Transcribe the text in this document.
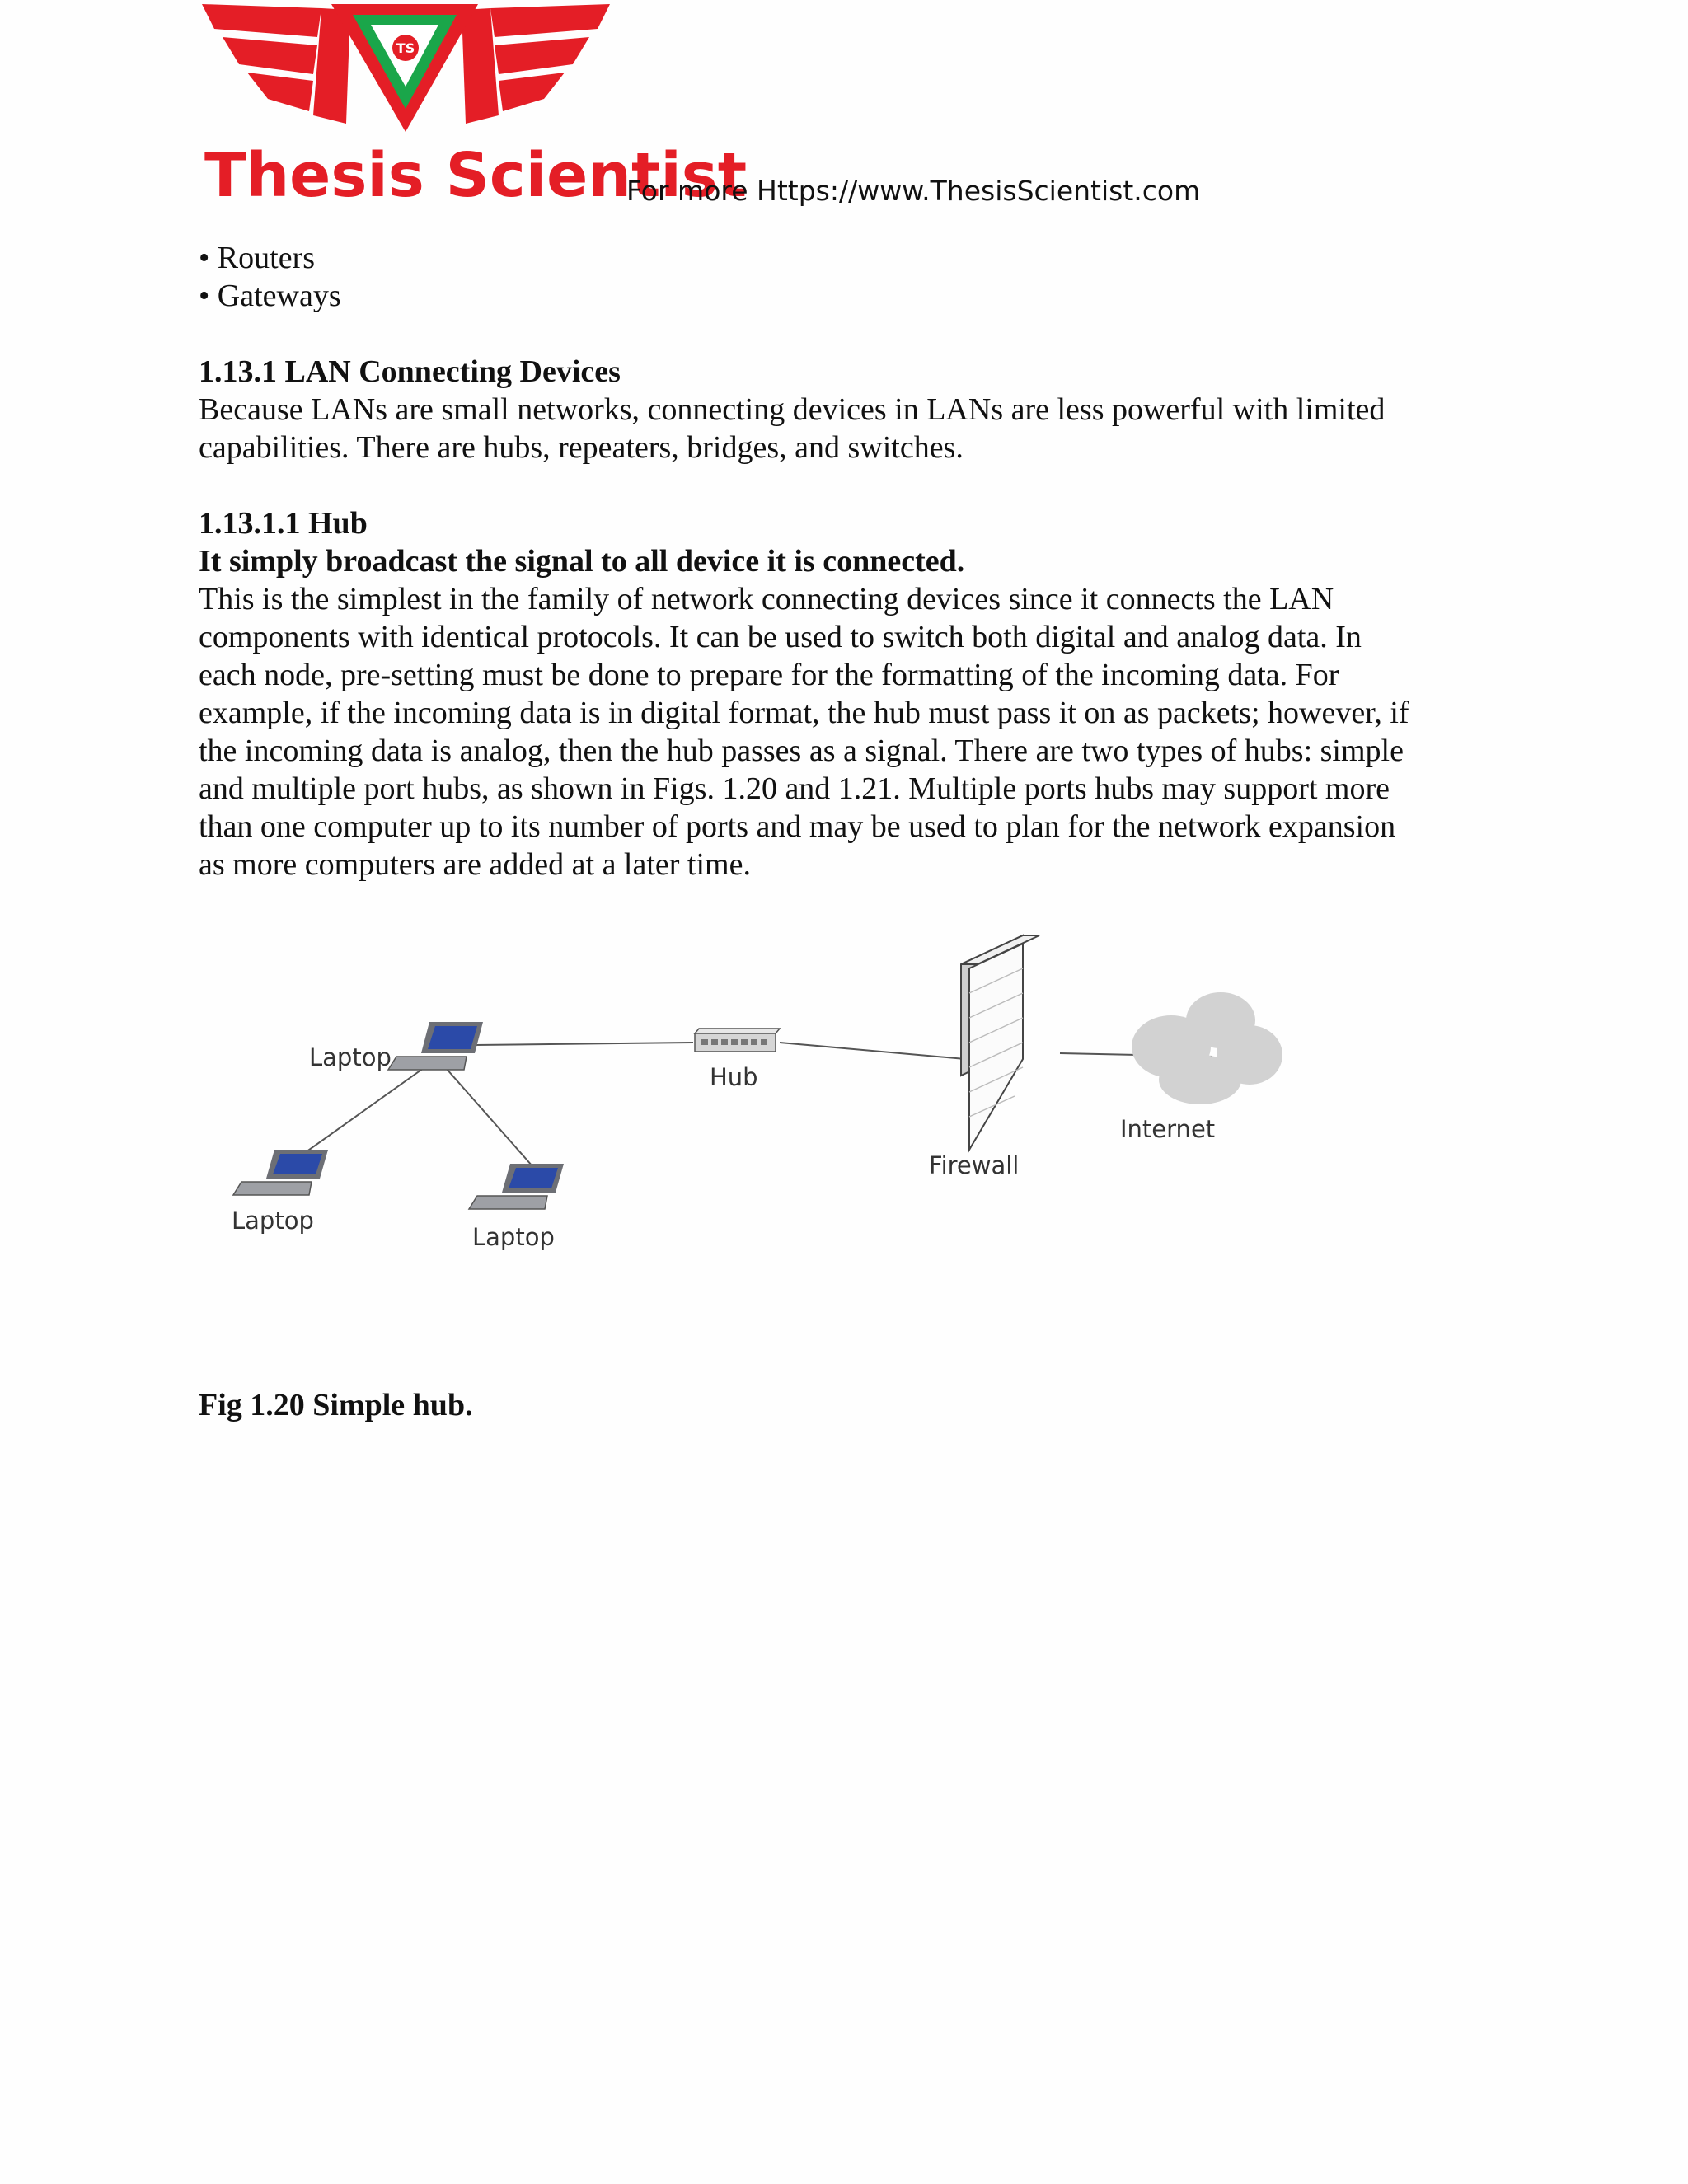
TS
Thesis Scientist
For more Https://www.ThesisScientist.com
• Routers
• Gateways
1.13.1 LAN Connecting Devices
Because LANs are small networks, connecting devices in LANs are less powerful with limited
capabilities. There are hubs, repeaters, bridges, and switches.
1.13.1.1 Hub
It simply broadcast the signal to all device it is connected.
This is the simplest in the family of network connecting devices since it connects the LAN
components with identical protocols. It can be used to switch both digital and analog data. In
each node, pre-setting must be done to prepare for the formatting of the incoming data. For
example, if the incoming data is in digital format, the hub must pass it on as packets; however, if
the incoming data is analog, then the hub passes as a signal. There are two types of hubs: simple
and multiple port hubs, as shown in Figs. 1.20 and 1.21. Multiple ports hubs may support more
than one computer up to its number of ports and may be used to plan for the network expansion
as more computers are added at a later time.
Laptop
Hub
Firewall
Internet
Laptop
Laptop
Fig 1.20 Simple hub.
